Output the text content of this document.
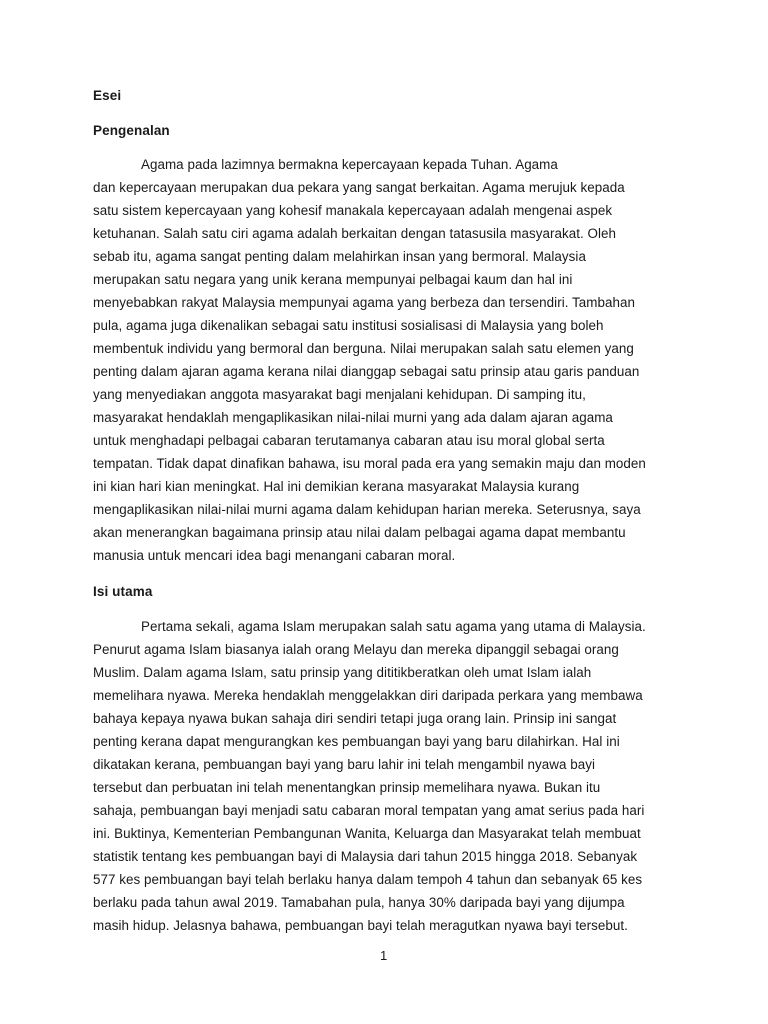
Esei
Pengenalan
Agama pada lazimnya bermakna kepercayaan kepada Tuhan. Agama
dan kepercayaan merupakan dua pekara yang sangat berkaitan. Agama merujuk kepada
satu sistem kepercayaan yang kohesif manakala kepercayaan adalah mengenai aspek
ketuhanan. Salah satu ciri agama adalah berkaitan dengan tatasusila masyarakat. Oleh
sebab itu, agama sangat penting dalam melahirkan insan yang bermoral. Malaysia
merupakan satu negara yang unik kerana mempunyai pelbagai kaum dan hal ini
menyebabkan rakyat Malaysia mempunyai agama yang berbeza dan tersendiri. Tambahan
pula, agama juga dikenalikan sebagai satu institusi sosialisasi di Malaysia yang boleh
membentuk individu yang bermoral dan berguna. Nilai merupakan salah satu elemen yang
penting dalam ajaran agama kerana nilai dianggap sebagai satu prinsip atau garis panduan
yang menyediakan anggota masyarakat bagi menjalani kehidupan. Di samping itu,
masyarakat hendaklah mengaplikasikan nilai-nilai murni yang ada dalam ajaran agama
untuk menghadapi pelbagai cabaran terutamanya cabaran atau isu moral global serta
tempatan. Tidak dapat dinafikan bahawa, isu moral pada era yang semakin maju dan moden
ini kian hari kian meningkat. Hal ini demikian kerana masyarakat Malaysia kurang
mengaplikasikan nilai-nilai murni agama dalam kehidupan harian mereka. Seterusnya, saya
akan menerangkan bagaimana prinsip atau nilai dalam pelbagai agama dapat membantu
manusia untuk mencari idea bagi menangani cabaran moral.
Isi utama
Pertama sekali, agama Islam merupakan salah satu agama yang utama di Malaysia.
Penurut agama Islam biasanya ialah orang Melayu dan mereka dipanggil sebagai orang
Muslim. Dalam agama Islam, satu prinsip yang dititikberatkan oleh umat Islam ialah
memelihara nyawa. Mereka hendaklah menggelakkan diri daripada perkara yang membawa
bahaya kepaya nyawa bukan sahaja diri sendiri tetapi juga orang lain. Prinsip ini sangat
penting kerana dapat mengurangkan kes pembuangan bayi yang baru dilahirkan. Hal ini
dikatakan kerana, pembuangan bayi yang baru lahir ini telah mengambil nyawa bayi
tersebut dan perbuatan ini telah menentangkan prinsip memelihara nyawa. Bukan itu
sahaja, pembuangan bayi menjadi satu cabaran moral tempatan yang amat serius pada hari
ini. Buktinya, Kementerian Pembangunan Wanita, Keluarga dan Masyarakat telah membuat
statistik tentang kes pembuangan bayi di Malaysia dari tahun 2015 hingga 2018. Sebanyak
577 kes pembuangan bayi telah berlaku hanya dalam tempoh 4 tahun dan sebanyak 65 kes
berlaku pada tahun awal 2019. Tamabahan pula, hanya 30% daripada bayi yang dijumpa
masih hidup. Jelasnya bahawa, pembuangan bayi telah meragutkan nyawa bayi tersebut.
1
